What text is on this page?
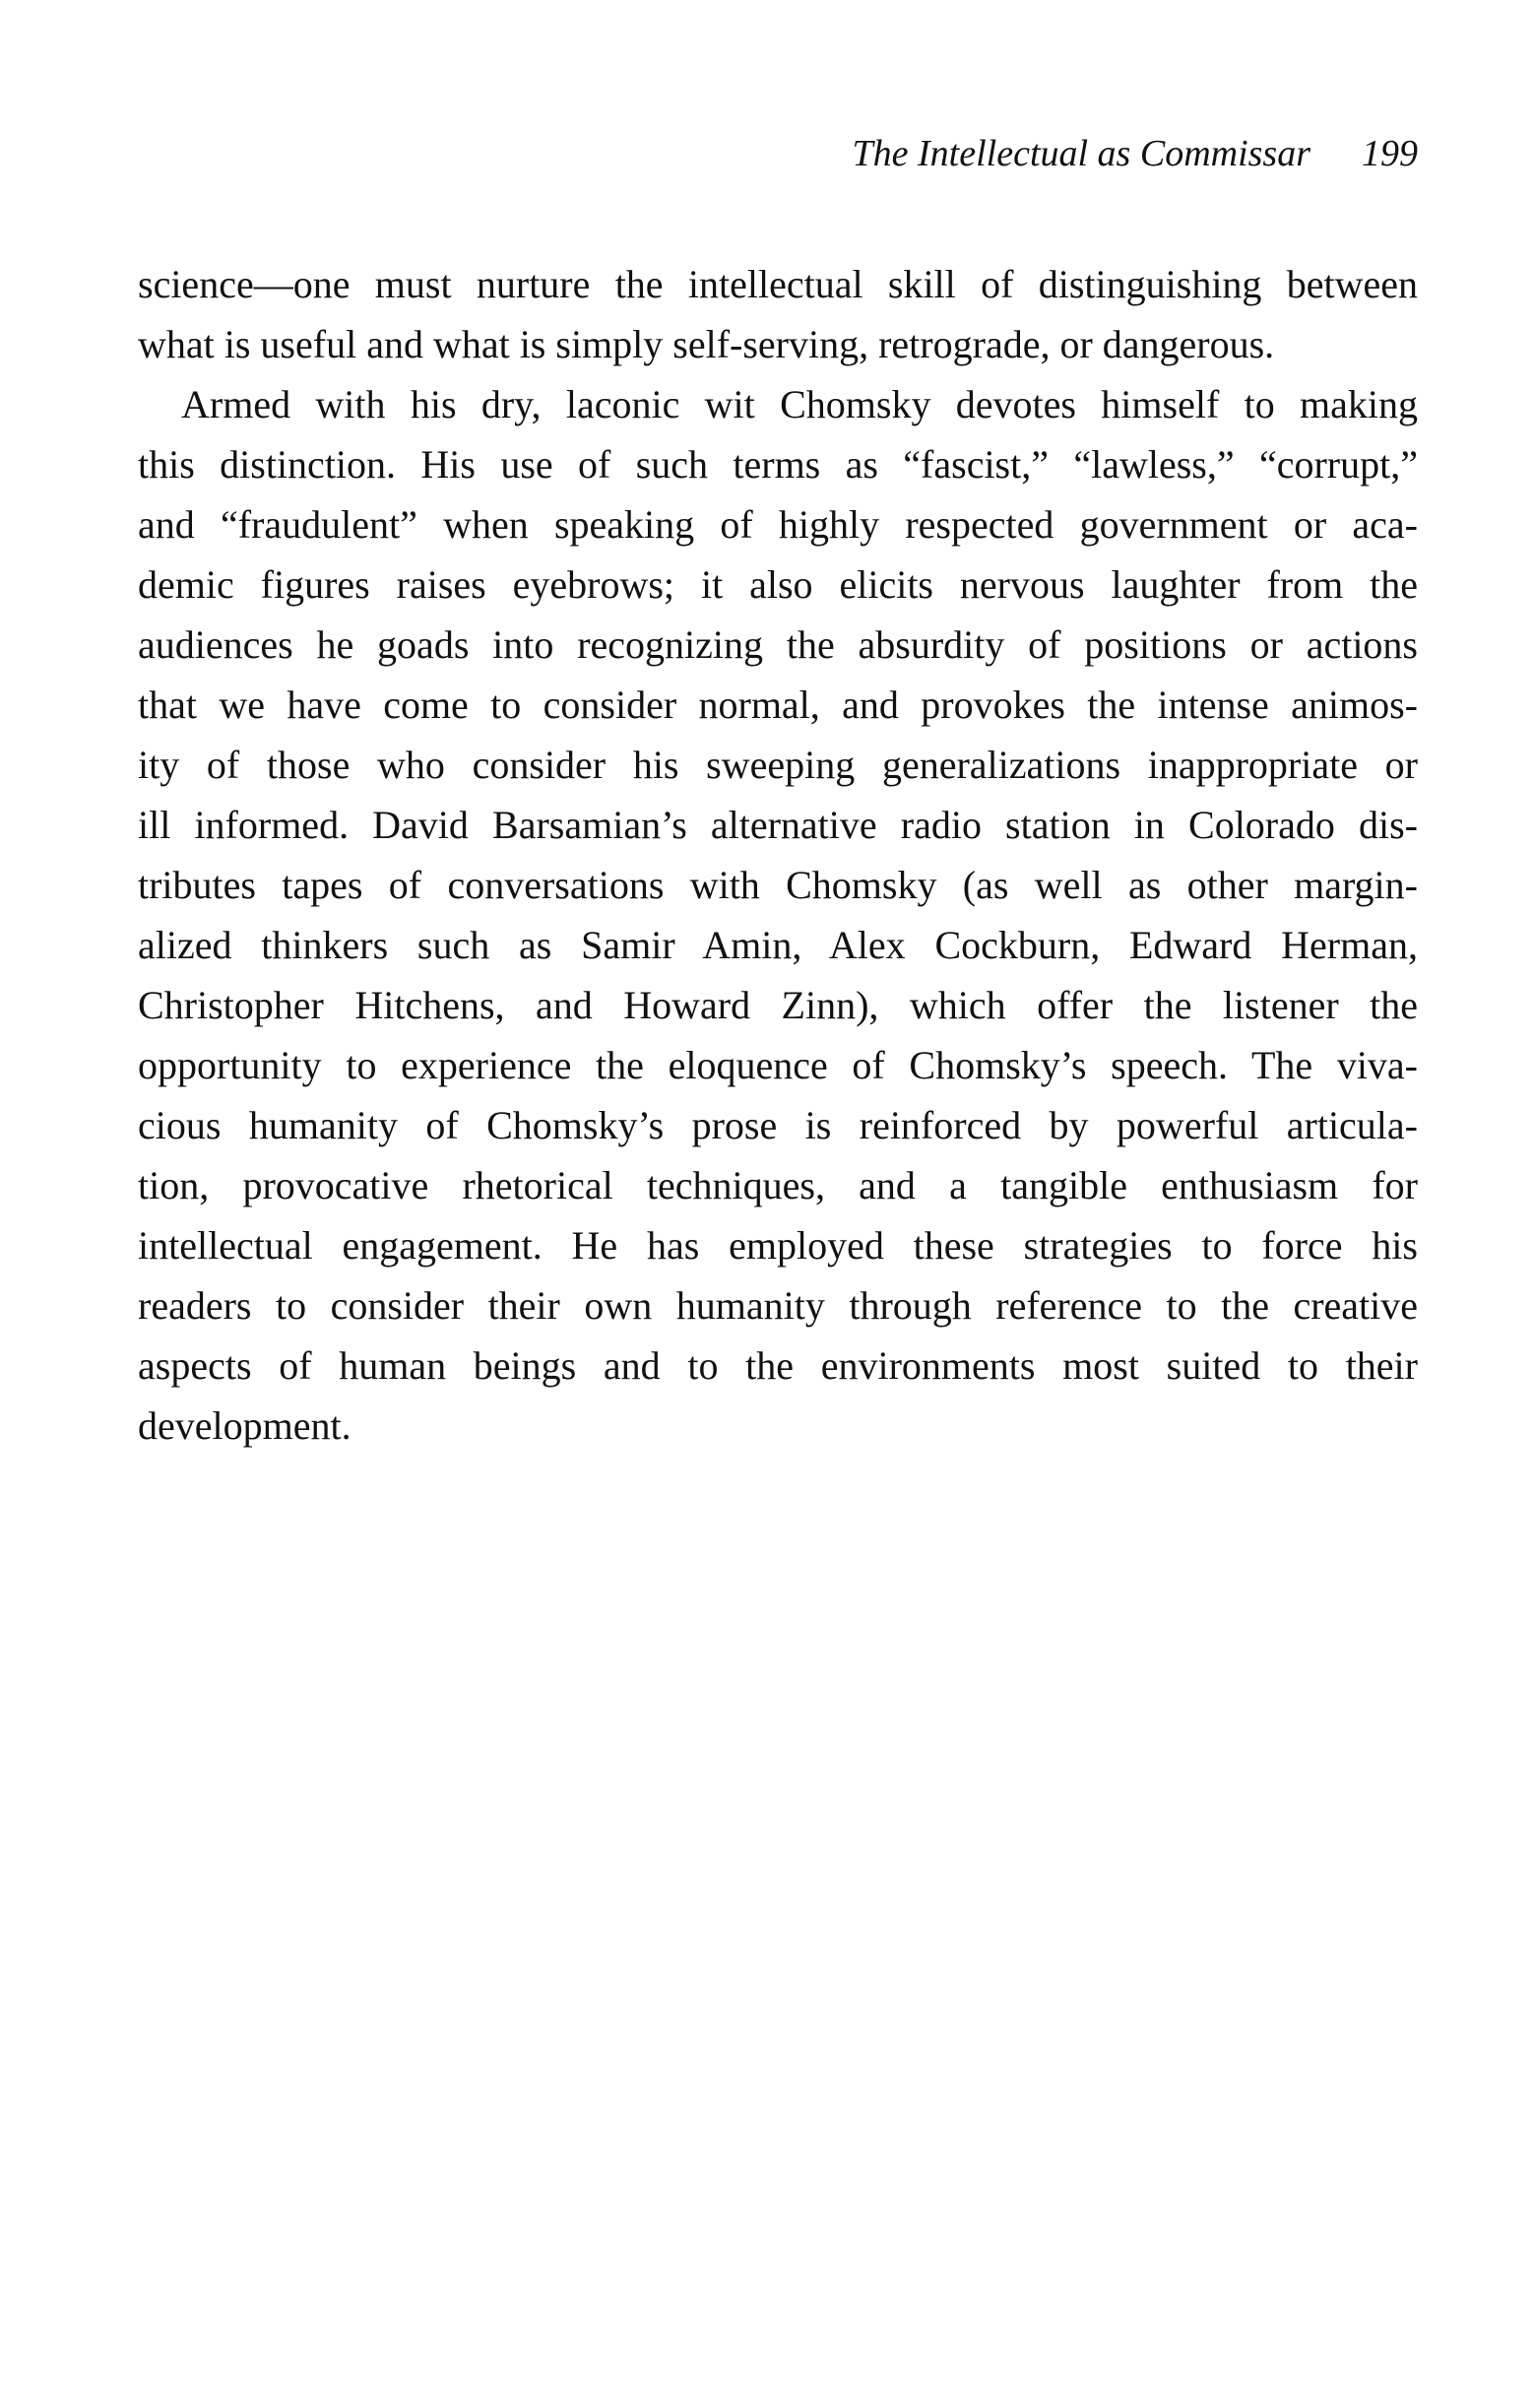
The Intellectual as Commissar 199
science—one must nurture the intellectual skill of distinguishing between
what is useful and what is simply self-serving, retrograde, or dangerous.
Armed with his dry, laconic wit Chomsky devotes himself to making
this distinction. His use of such terms as “fascist,” “lawless,” “corrupt,”
and “fraudulent” when speaking of highly respected government or aca-
demic figures raises eyebrows; it also elicits nervous laughter from the
audiences he goads into recognizing the absurdity of positions or actions
that we have come to consider normal, and provokes the intense animos-
ity of those who consider his sweeping generalizations inappropriate or
ill informed. David Barsamian’s alternative radio station in Colorado dis-
tributes tapes of conversations with Chomsky (as well as other margin-
alized thinkers such as Samir Amin, Alex Cockburn, Edward Herman,
Christopher Hitchens, and Howard Zinn), which offer the listener the
opportunity to experience the eloquence of Chomsky’s speech. The viva-
cious humanity of Chomsky’s prose is reinforced by powerful articula-
tion, provocative rhetorical techniques, and a tangible enthusiasm for
intellectual engagement. He has employed these strategies to force his
readers to consider their own humanity through reference to the creative
aspects of human beings and to the environments most suited to their
development.
